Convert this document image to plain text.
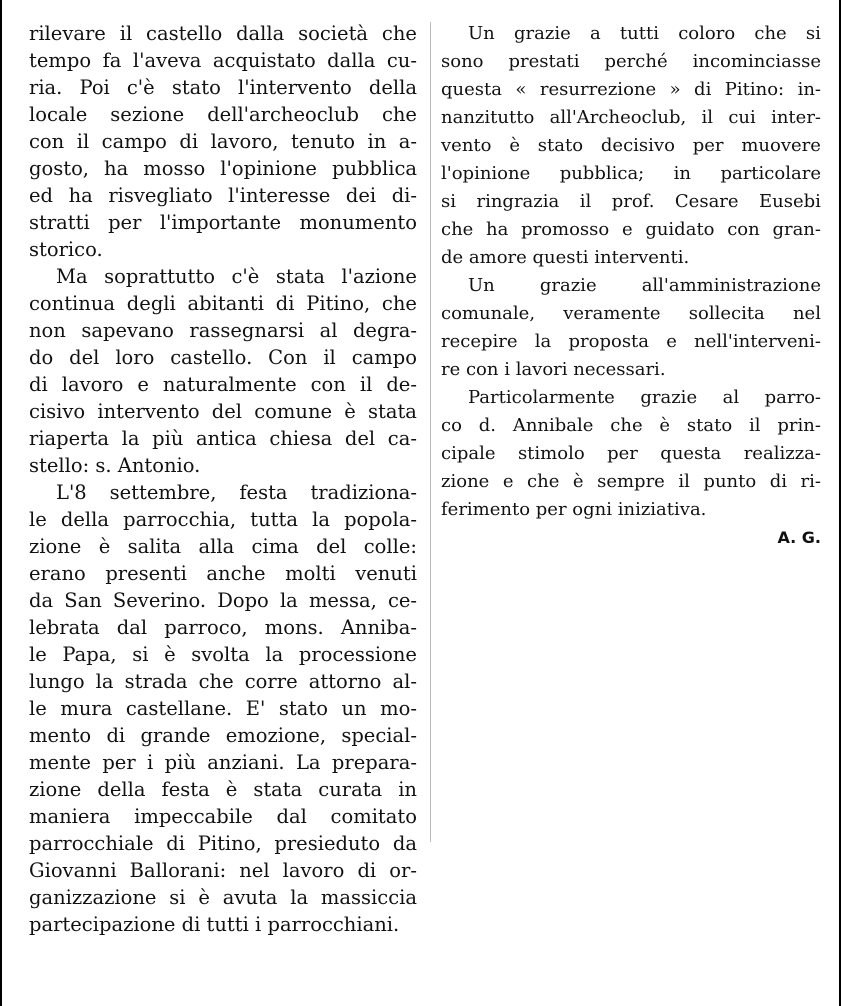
rilevare il castello dalla società che
tempo fa l'aveva acquistato dalla cu-
ria. Poi c'è stato l'intervento della
locale sezione dell'archeoclub che
con il campo di lavoro, tenuto in a-
gosto, ha mosso l'opinione pubblica
ed ha risvegliato l'interesse dei di-
stratti per l'importante monumento
storico.
Ma soprattutto c'è stata l'azione
continua degli abitanti di Pitino, che
non sapevano rassegnarsi al degra-
do del loro castello. Con il campo
di lavoro e naturalmente con il de-
cisivo intervento del comune è stata
riaperta la più antica chiesa del ca-
stello: s. Antonio.
L'8 settembre, festa tradiziona-
le della parrocchia, tutta la popola-
zione è salita alla cima del colle:
erano presenti anche molti venuti
da San Severino. Dopo la messa, ce-
lebrata dal parroco, mons. Anniba-
le Papa, si è svolta la processione
lungo la strada che corre attorno al-
le mura castellane. E' stato un mo-
mento di grande emozione, special-
mente per i più anziani. La prepara-
zione della festa è stata curata in
maniera impeccabile dal comitato
parrocchiale di Pitino, presieduto da
Giovanni Ballorani: nel lavoro di or-
ganizzazione si è avuta la massiccia
partecipazione di tutti i parrocchiani.
Un grazie a tutti coloro che si
sono prestati perché incominciasse
questa « resurrezione » di Pitino: in-
nanzitutto all'Archeoclub, il cui inter-
vento è stato decisivo per muovere
l'opinione pubblica; in particolare
si ringrazia il prof. Cesare Eusebi
che ha promosso e guidato con gran-
de amore questi interventi.
Un	grazie	all'amministrazione
comunale, veramente sollecita nel
recepire la proposta e nell'interveni-
re con i lavori necessari.
Particolarmente grazie al parro-
co d. Annibale che è stato il prin-
cipale stimolo per questa realizza-
zione e che è sempre il punto di ri-
ferimento per ogni iniziativa.
A. G.
